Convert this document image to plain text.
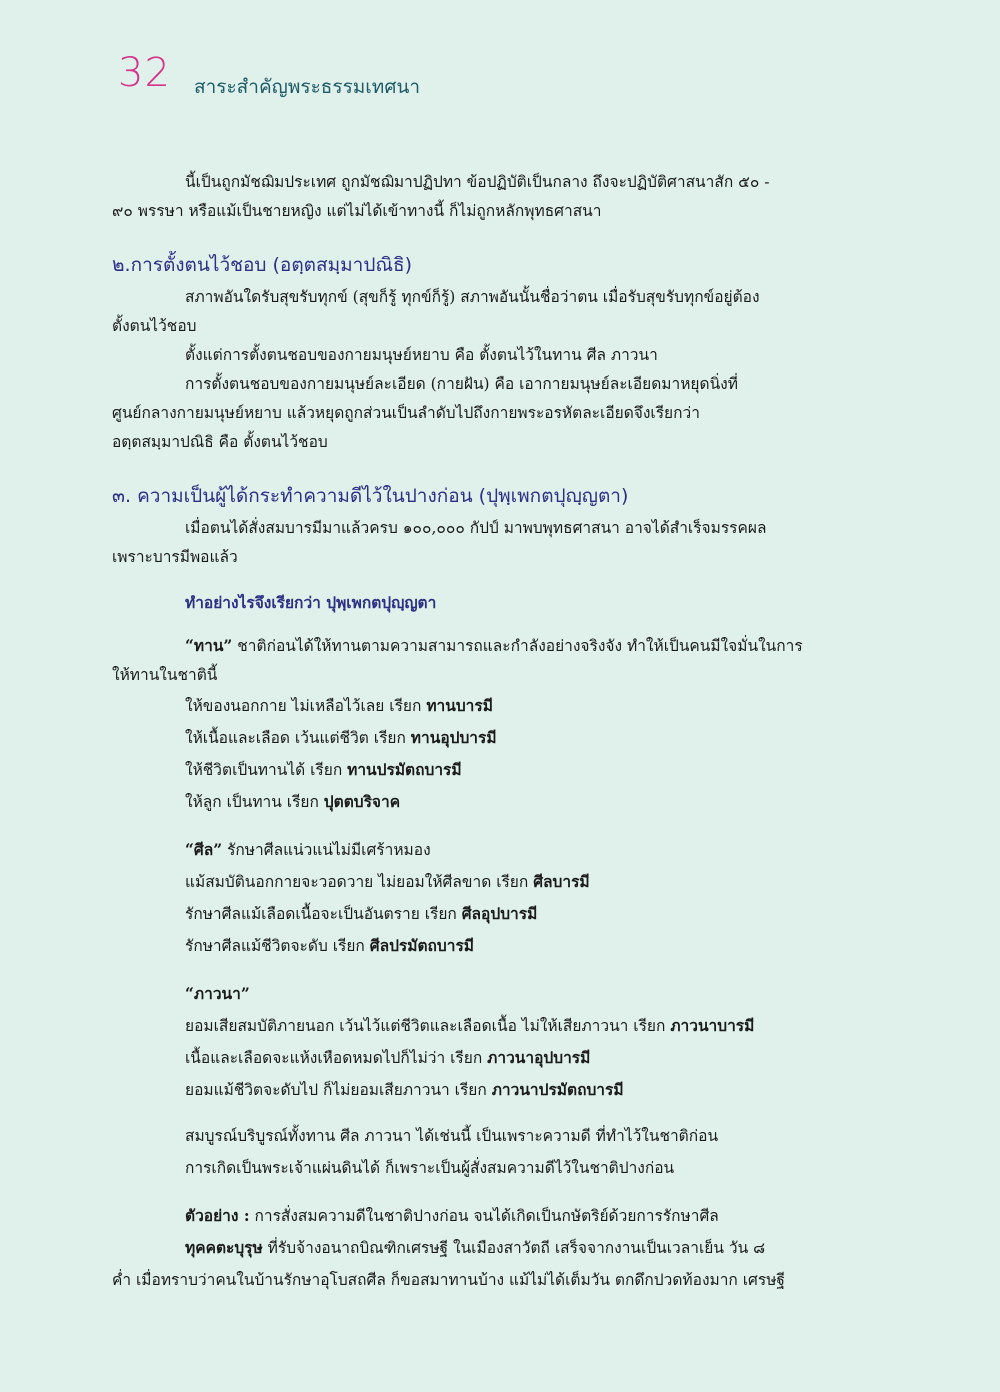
32 สาระสำคัญพระธรรมเทศนา

นี้เป็นถูกมัชฌิมประเทศ ถูกมัชฌิมาปฏิปทา ข้อปฏิบัติเป็นกลาง ถึงจะปฏิบัติศาสนาสัก ๕๐ -

๙๐ พรรษา หรือแม้เป็นชายหญิง แต่ไม่ได้เข้าทางนี้ ก็ไม่ถูกหลักพุทธศาสนา

๒.การตั้งตนไว้ชอบ (อตฺตสมฺมาปณิธิ)

สภาพอันใดรับสุขรับทุกข์ (สุขก็รู้ ทุกข์ก็รู้) สภาพอันนั้นชื่อว่าตน เมื่อรับสุขรับทุกข์อยู่ต้อง

ตั้งตนไว้ชอบ

ตั้งแต่การตั้งตนชอบของกายมนุษย์หยาบ คือ ตั้งตนไว้ในทาน ศีล ภาวนา

การตั้งตนชอบของกายมนุษย์ละเอียด (กายฝัน) คือ เอากายมนุษย์ละเอียดมาหยุดนิ่งที่

ศูนย์กลางกายมนุษย์หยาบ แล้วหยุดถูกส่วนเป็นลำดับไปถึงกายพระอรหัตละเอียดจึงเรียกว่า

อตฺตสมฺมาปณิธิ คือ ตั้งตนไว้ชอบ

๓. ความเป็นผู้ได้กระทำความดีไว้ในปางก่อน (ปุพฺเพกตปุญฺญตา)

เมื่อตนได้สั่งสมบารมีมาแล้วครบ ๑๐๐,๐๐๐ กัปป์ มาพบพุทธศาสนา อาจได้สำเร็จมรรคผล

เพราะบารมีพอแล้ว

ทำอย่างไรจึงเรียกว่า ปุพฺเพกตปุญฺญตา

“ทาน” ชาติก่อนได้ให้ทานตามความสามารถและกำลังอย่างจริงจัง ทำให้เป็นคนมีใจมั่นในการ

ให้ทานในชาตินี้

ให้ของนอกกาย ไม่เหลือไว้เลย เรียก ทานบารมี

ให้เนื้อและเลือด เว้นแต่ชีวิต เรียก ทานอุปบารมี

ให้ชีวิตเป็นทานได้ เรียก ทานปรมัตถบารมี

ให้ลูก เป็นทาน เรียก ปุตตบริจาค

“ศีล” รักษาศีลแน่วแน่ไม่มีเศร้าหมอง

แม้สมบัตินอกกายจะวอดวาย ไม่ยอมให้ศีลขาด เรียก ศีลบารมี

รักษาศีลแม้เลือดเนื้อจะเป็นอันตราย เรียก ศีลอุปบารมี

รักษาศีลแม้ชีวิตจะดับ เรียก ศีลปรมัตถบารมี

“ภาวนา”

ยอมเสียสมบัติภายนอก เว้นไว้แต่ชีวิตและเลือดเนื้อ ไม่ให้เสียภาวนา เรียก ภาวนาบารมี

เนื้อและเลือดจะแห้งเหือดหมดไปก็ไม่ว่า เรียก ภาวนาอุปบารมี

ยอมแม้ชีวิตจะดับไป ก็ไม่ยอมเสียภาวนา เรียก ภาวนาปรมัตถบารมี

สมบูรณ์บริบูรณ์ทั้งทาน ศีล ภาวนา ได้เช่นนี้ เป็นเพราะความดี ที่ทำไว้ในชาติก่อน

การเกิดเป็นพระเจ้าแผ่นดินได้ ก็เพราะเป็นผู้สั่งสมความดีไว้ในชาติปางก่อน

ตัวอย่าง : การสั่งสมความดีในชาติปางก่อน จนได้เกิดเป็นกษัตริย์ด้วยการรักษาศีล

ทุคคตะบุรุษ ที่รับจ้างอนาถบิณฑิกเศรษฐี ในเมืองสาวัตถี เสร็จจากงานเป็นเวลาเย็น วัน ๘

ค่ำ เมื่อทราบว่าคนในบ้านรักษาอุโบสถศีล ก็ขอสมาทานบ้าง แม้ไม่ได้เต็มวัน ตกดึกปวดท้องมาก เศรษฐี
